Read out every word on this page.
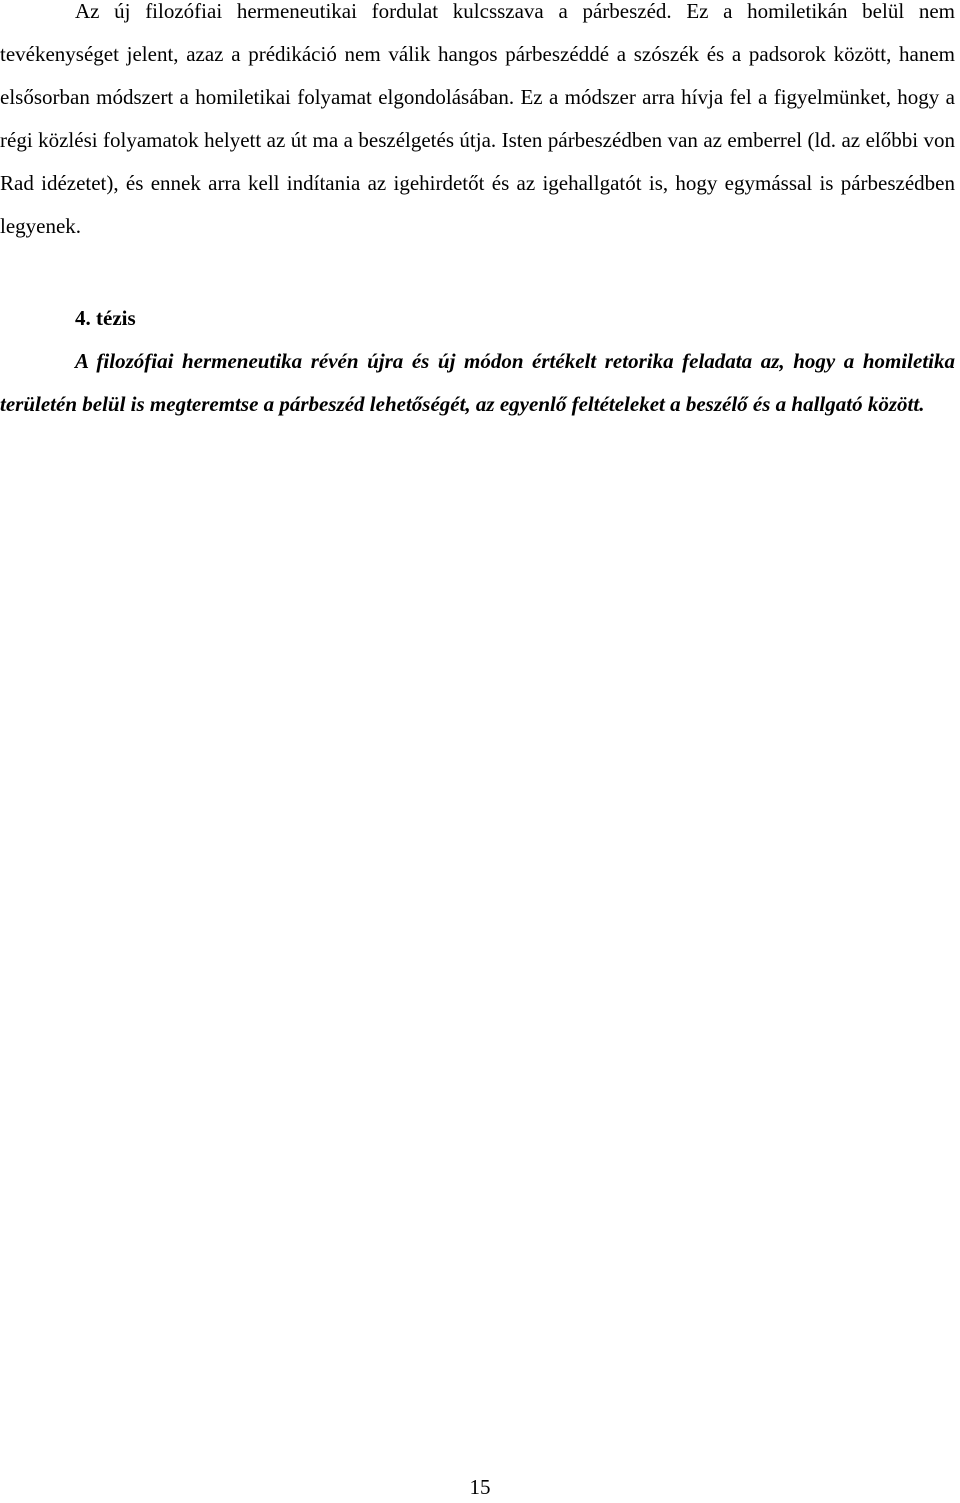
Az új filozófiai hermeneutikai fordulat kulcsszava a párbeszéd. Ez a homiletikán belül nem tevékenységet jelent, azaz a prédikáció nem válik hangos párbeszéddé a szószék és a padsorok között, hanem elsősorban módszert a homiletikai folyamat elgondolásában. Ez a módszer arra hívja fel a figyelmünket, hogy a régi közlési folyamatok helyett az út ma a beszélgetés útja. Isten párbeszédben van az emberrel (ld. az előbbi von Rad idézetet), és ennek arra kell indítania az igehirdetőt és az igehallgatót is, hogy egymással is párbeszédben legyenek.

4. tézis

A filozófiai hermeneutika révén újra és új módon értékelt retorika feladata az, hogy a homiletika területén belül is megteremtse a párbeszéd lehetőségét, az egyenlő feltételeket a beszélő és a hallgató között.

15
